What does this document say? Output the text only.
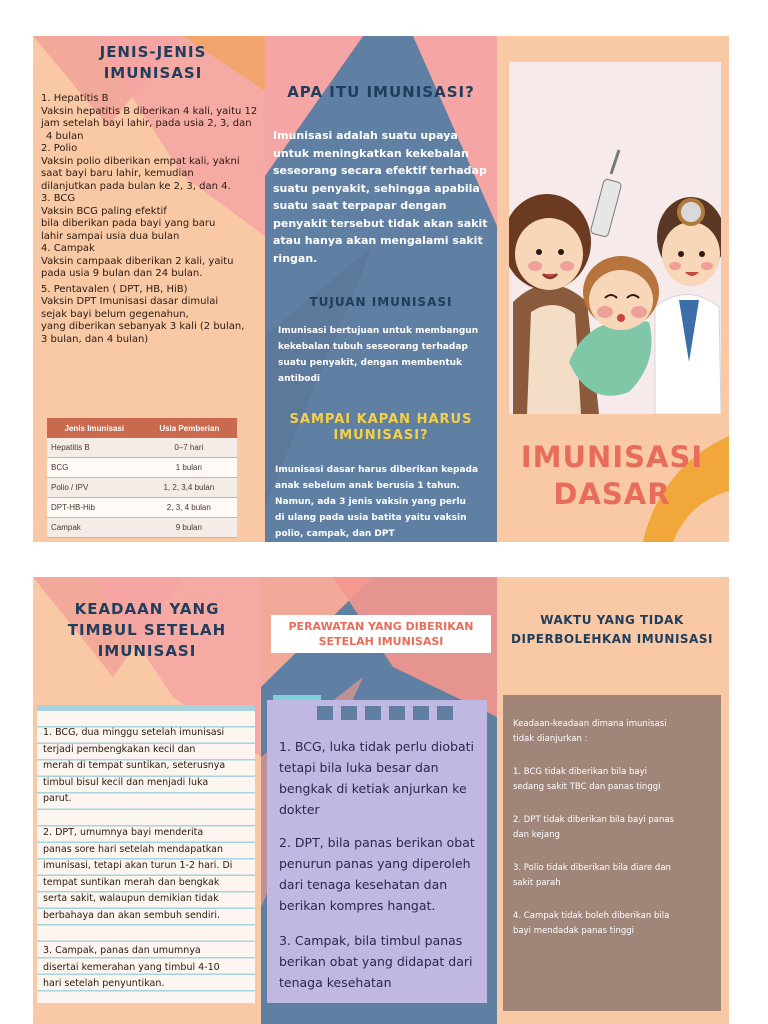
JENIS-JENIS
IMUNISASI

1. Hepatitis B

Vaksin hepatitis B diberikan 4 kali, yaitu 12

jam setelah bayi lahir, pada usia 2, 3, dan

4 bulan

2. Polio

Vaksin polio diberikan empat kali, yakni

saat bayi baru lahir, kemudian

dilanjutkan pada bulan ke 2, 3, dan 4.

3. BCG

Vaksin BCG paling efektif

bila diberikan pada bayi yang baru

lahir sampai usia dua bulan

4. Campak

Vaksin campaak diberikan 2 kali, yaitu

pada usia 9 bulan dan 24 bulan.

5. Pentavalen ( DPT, HB, HiB)

Vaksin DPT Imunisasi dasar dimulai

sejak bayi belum gegenahun,

yang diberikan sebanyak 3 kali (2 bulan,

3 bulan, dan 4 bulan)

Jenis Imunisasi	Usia Pemberian
Hepatitis B	0–7 hari
BCG	1 bulan
Polio / IPV	1, 2, 3,4 bulan
DPT-HB-Hib	2, 3, 4 bulan
Campak	9 bulan
APA ITU IMUNISASI?
Imunisasi adalah suatu upaya
untuk meningkatkan kekebalan
seseorang secara efektif terhadap
suatu penyakit, sehingga apabila
suatu saat terpapar dengan
penyakit tersebut tidak akan sakit
atau hanya akan mengalami sakit
ringan.
TUJUAN IMUNISASI
Imunisasi bertujuan untuk membangun
kekebalan tubuh seseorang terhadap
suatu penyakit, dengan membentuk
antibodi
SAMPAI KAPAN HARUS
IMUNISASI?
Imunisasi dasar harus diberikan kepada
anak sebelum anak berusia 1 tahun.
Namun, ada 3 jenis vaksin yang perlu
di ulang pada usia batita yaitu vaksin
polio, campak, dan DPT
IMUNISASI
DASAR
KEADAAN YANG
TIMBUL SETELAH
IMUNISASI
1. BCG, dua minggu setelah imunisasi
terjadi pembengkakan kecil dan
merah di tempat suntikan, seterusnya
timbul bisul kecil dan menjadi luka
parut.
2. DPT, umumnya bayi menderita
panas sore hari setelah mendapatkan
imunisasi, tetapi akan turun 1-2 hari. Di
tempat suntikan merah dan bengkak
serta sakit, walaupun demikian tidak
berbahaya dan akan sembuh sendiri.
3. Campak, panas dan umumnya
disertai kemerahan yang timbul 4-10
hari setelah penyuntikan.
PERAWATAN YANG DIBERIKAN
SETELAH IMUNISASI
1. BCG, luka tidak perlu diobati
tetapi bila luka besar dan
bengkak di ketiak anjurkan ke
dokter
2. DPT, bila panas berikan obat
penurun panas yang diperoleh
dari tenaga kesehatan dan
berikan kompres hangat.
3. Campak, bila timbul panas
berikan obat yang didapat dari
tenaga kesehatan
WAKTU YANG TIDAK
DIPERBOLEHKAN IMUNISASI
Keadaan-keadaan dimana imunisasi
tidak dianjurkan :
1. BCG tidak diberikan bila bayi
sedang sakit TBC dan panas tinggi
2. DPT tidak diberikan bila bayi panas
dan kejang
3. Polio tidak diberikan bila diare dan
sakit parah
4. Campak tidak boleh diberikan bila
bayi mendadak panas tinggi
